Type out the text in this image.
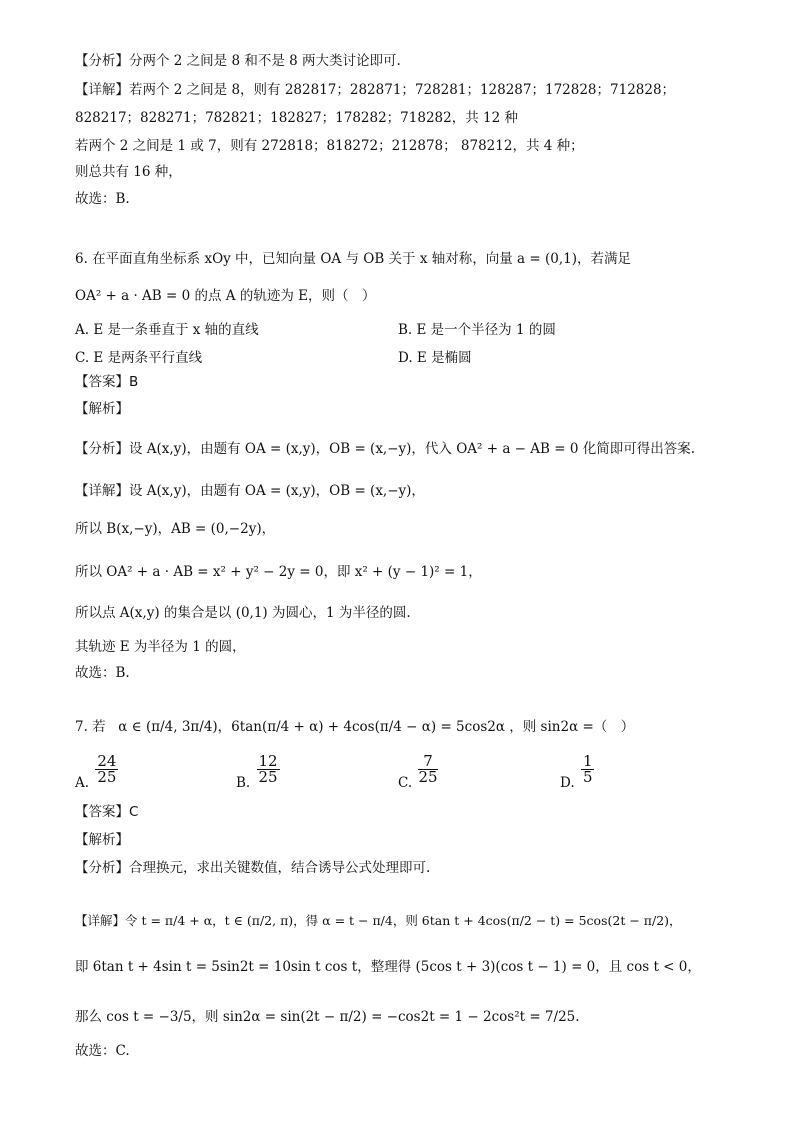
【分析】分两个 2 之间是 8 和不是 8 两大类讨论即可.
【详解】若两个 2 之间是 8，则有 282817；282871；728281；128287；172828；712828；
828217；828271；782821；182827；178282；718282，共 12 种
若两个 2 之间是 1 或 7，则有 272818；818272；212878； 878212，共 4 种；
则总共有 16 种，
故选：B.
6. 在平面直角坐标系 xOy 中，已知向量 OA 与 OB 关于 x 轴对称，向量 a = (0,1)，若满足
OA² + a · AB = 0 的点 A 的轨迹为 E，则（　）
A. E 是一条垂直于 x 轴的直线	B. E 是一个半径为 1 的圆
C. E 是两条平行直线	D. E 是椭圆
【答案】B
【解析】
【分析】设 A(x,y)，由题有 OA = (x,y)，OB = (x,−y)，代入 OA² + a − AB = 0 化简即可得出答案.
【详解】设 A(x,y)，由题有 OA = (x,y)，OB = (x,−y)，
所以 B(x,−y)，AB = (0,−2y)，
所以 OA² + a · AB = x² + y² − 2y = 0，即 x² + (y − 1)² = 1，
所以点 A(x,y) 的集合是以 (0,1) 为圆心，1 为半径的圆.
其轨迹 E 为半径为 1 的圆，
故选：B.
7. 若 α ∈ (π/4, 3π/4)，6tan(π/4 + α) + 4cos(π/4 − α) = 5cos2α ，则 sin2α =（　）
A. $\frac{24}{25}$	B. $\frac{12}{25}$	C. $\frac{7}{25}$	D. $\frac{1}{5}$
【答案】C
【解析】
【分析】合理换元，求出关键数值，结合诱导公式处理即可.
【详解】令 t = π/4 + α，t ∈ (π/2, π)，得 α = t − π/4，则 6tan t + 4cos(π/2 − t) = 5cos(2t − π/2)，
即 6tan t + 4sin t = 5sin2t = 10sin t cos t，整理得 (5cos t + 3)(cos t − 1) = 0，且 cos t < 0，
那么 cos t = −3/5，则 sin2α = sin(2t − π/2) = −cos2t = 1 − 2cos²t = 7/25.
故选：C.
